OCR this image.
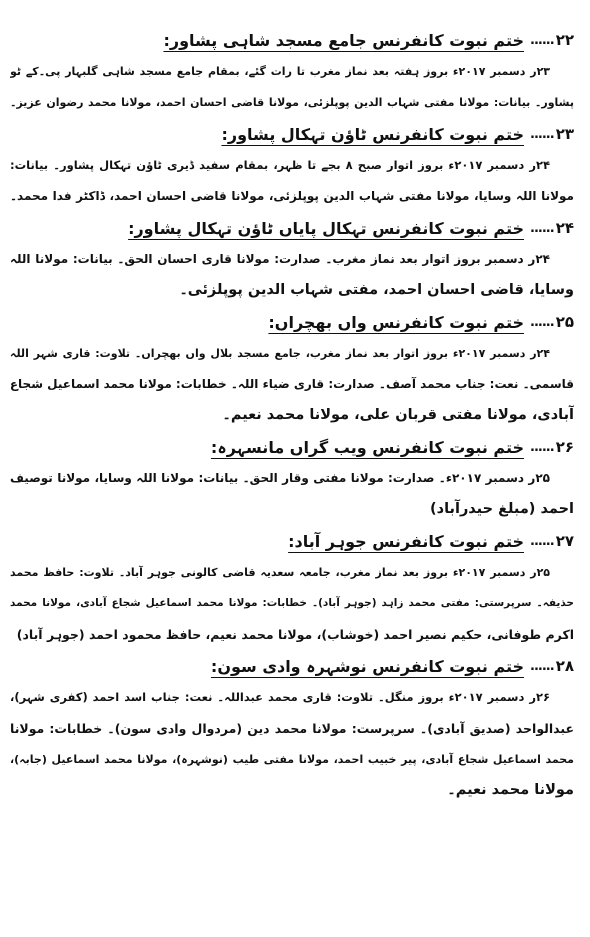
۲۲
......
ختم نبوت کانفرنس جامع مسجد شاہی پشاور:
۲۳ر دسمبر ۲۰۱۷ء بروز ہفتہ بعد نماز مغرب تا رات گئے، بمقام جامع مسجد شاہی گلبہار پی۔کے ٹو
پشاور۔ بیانات: مولانا مفتی شہاب الدین پوپلزئی، مولانا قاضی احسان احمد، مولانا محمد رضوان عزیز۔
۲۳
......
ختم نبوت کانفرنس ٹاؤن تہکال پشاور:
۲۴ر دسمبر ۲۰۱۷ء بروز اتوار صبح ۸ بجے تا ظہر، بمقام سفید ڈیری ٹاؤن تہکال پشاور۔ بیانات:
مولانا اللہ وسایا، مولانا مفتی شہاب الدین پوپلزئی، مولانا قاضی احسان احمد، ڈاکٹر فدا محمد۔
۲۴
......
ختم نبوت کانفرنس تہکال پایاں ٹاؤن تہکال پشاور:
۲۴ر دسمبر بروز اتوار بعد نماز مغرب۔ صدارت: مولانا قاری احسان الحق۔ بیانات: مولانا اللہ
وسایا، قاضی احسان احمد، مفتی شہاب الدین پوپلزئی۔
۲۵
......
ختم نبوت کانفرنس واں بھچراں:
۲۴ر دسمبر ۲۰۱۷ء بروز اتوار بعد نماز مغرب، جامع مسجد بلال واں بھچراں۔ تلاوت: قاری شہر اللہ
قاسمی۔ نعت: جناب محمد آصف۔ صدارت: قاری ضیاء اللہ۔ خطابات: مولانا محمد اسماعیل شجاع
آبادی، مولانا مفتی قربان علی، مولانا محمد نعیم۔
۲۶
......
ختم نبوت کانفرنس ویب گراں مانسہرہ:
۲۵ر دسمبر ۲۰۱۷ء۔ صدارت: مولانا مفتی وقار الحق۔ بیانات: مولانا اللہ وسایا، مولانا توصیف
احمد (مبلغ حیدرآباد)
۲۷
......
ختم نبوت کانفرنس جوہر آباد:
۲۵ر دسمبر ۲۰۱۷ء بروز بعد نماز مغرب، جامعہ سعدیہ قاضی کالونی جوہر آباد۔ تلاوت: حافظ محمد
حذیفہ۔ سرپرستی: مفتی محمد زاہد (جوہر آباد)۔ خطابات: مولانا محمد اسماعیل شجاع آبادی، مولانا محمد
اکرم طوفانی، حکیم نصیر احمد (خوشاب)، مولانا محمد نعیم، حافظ محمود احمد (جوہر آباد)
۲۸
......
ختم نبوت کانفرنس نوشہرہ وادی سون:
۲۶ر دسمبر ۲۰۱۷ء بروز منگل۔ تلاوت: قاری محمد عبداللہ۔ نعت: جناب اسد احمد (کفری شہر)،
عبدالواحد (صدیق آبادی)۔ سرپرست: مولانا محمد دین (مردوال وادی سون)۔ خطابات: مولانا
محمد اسماعیل شجاع آبادی، پیر خبیب احمد، مولانا مفتی طیب (نوشہرہ)، مولانا محمد اسماعیل (جابہ)،
مولانا محمد نعیم۔
